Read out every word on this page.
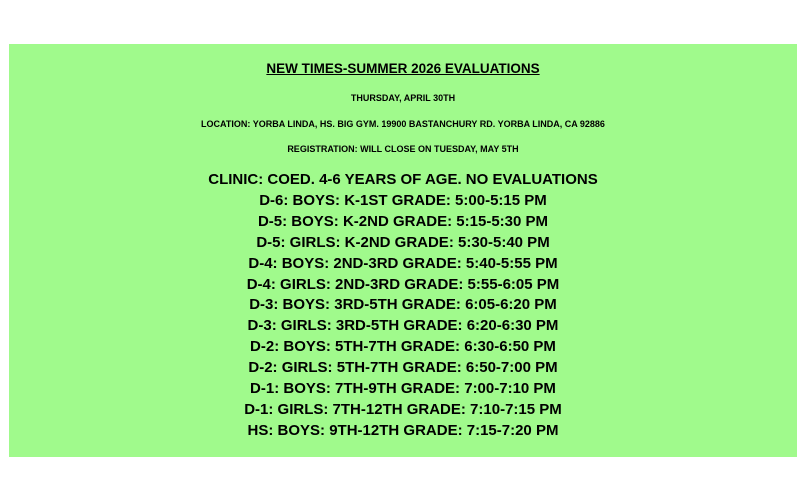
NEW TIMES-SUMMER 2026 EVALUATIONS
THURSDAY, APRIL 30TH
LOCATION: YORBA LINDA, HS. BIG GYM. 19900 BASTANCHURY RD. YORBA LINDA, CA 92886
REGISTRATION: WILL CLOSE ON TUESDAY, MAY 5TH
CLINIC: COED. 4-6 YEARS OF AGE. NO EVALUATIONS
D-6: BOYS: K-1ST GRADE: 5:00-5:15 PM
D-5: BOYS: K-2ND GRADE: 5:15-5:30 PM
D-5: GIRLS: K-2ND GRADE: 5:30-5:40 PM
D-4: BOYS: 2ND-3RD GRADE: 5:40-5:55 PM
D-4: GIRLS: 2ND-3RD GRADE: 5:55-6:05 PM
D-3: BOYS: 3RD-5TH GRADE: 6:05-6:20 PM
D-3: GIRLS: 3RD-5TH GRADE: 6:20-6:30 PM
D-2: BOYS: 5TH-7TH GRADE: 6:30-6:50 PM
D-2: GIRLS: 5TH-7TH GRADE: 6:50-7:00 PM
D-1: BOYS: 7TH-9TH GRADE: 7:00-7:10 PM
D-1: GIRLS: 7TH-12TH GRADE: 7:10-7:15 PM
HS: BOYS: 9TH-12TH GRADE: 7:15-7:20 PM
